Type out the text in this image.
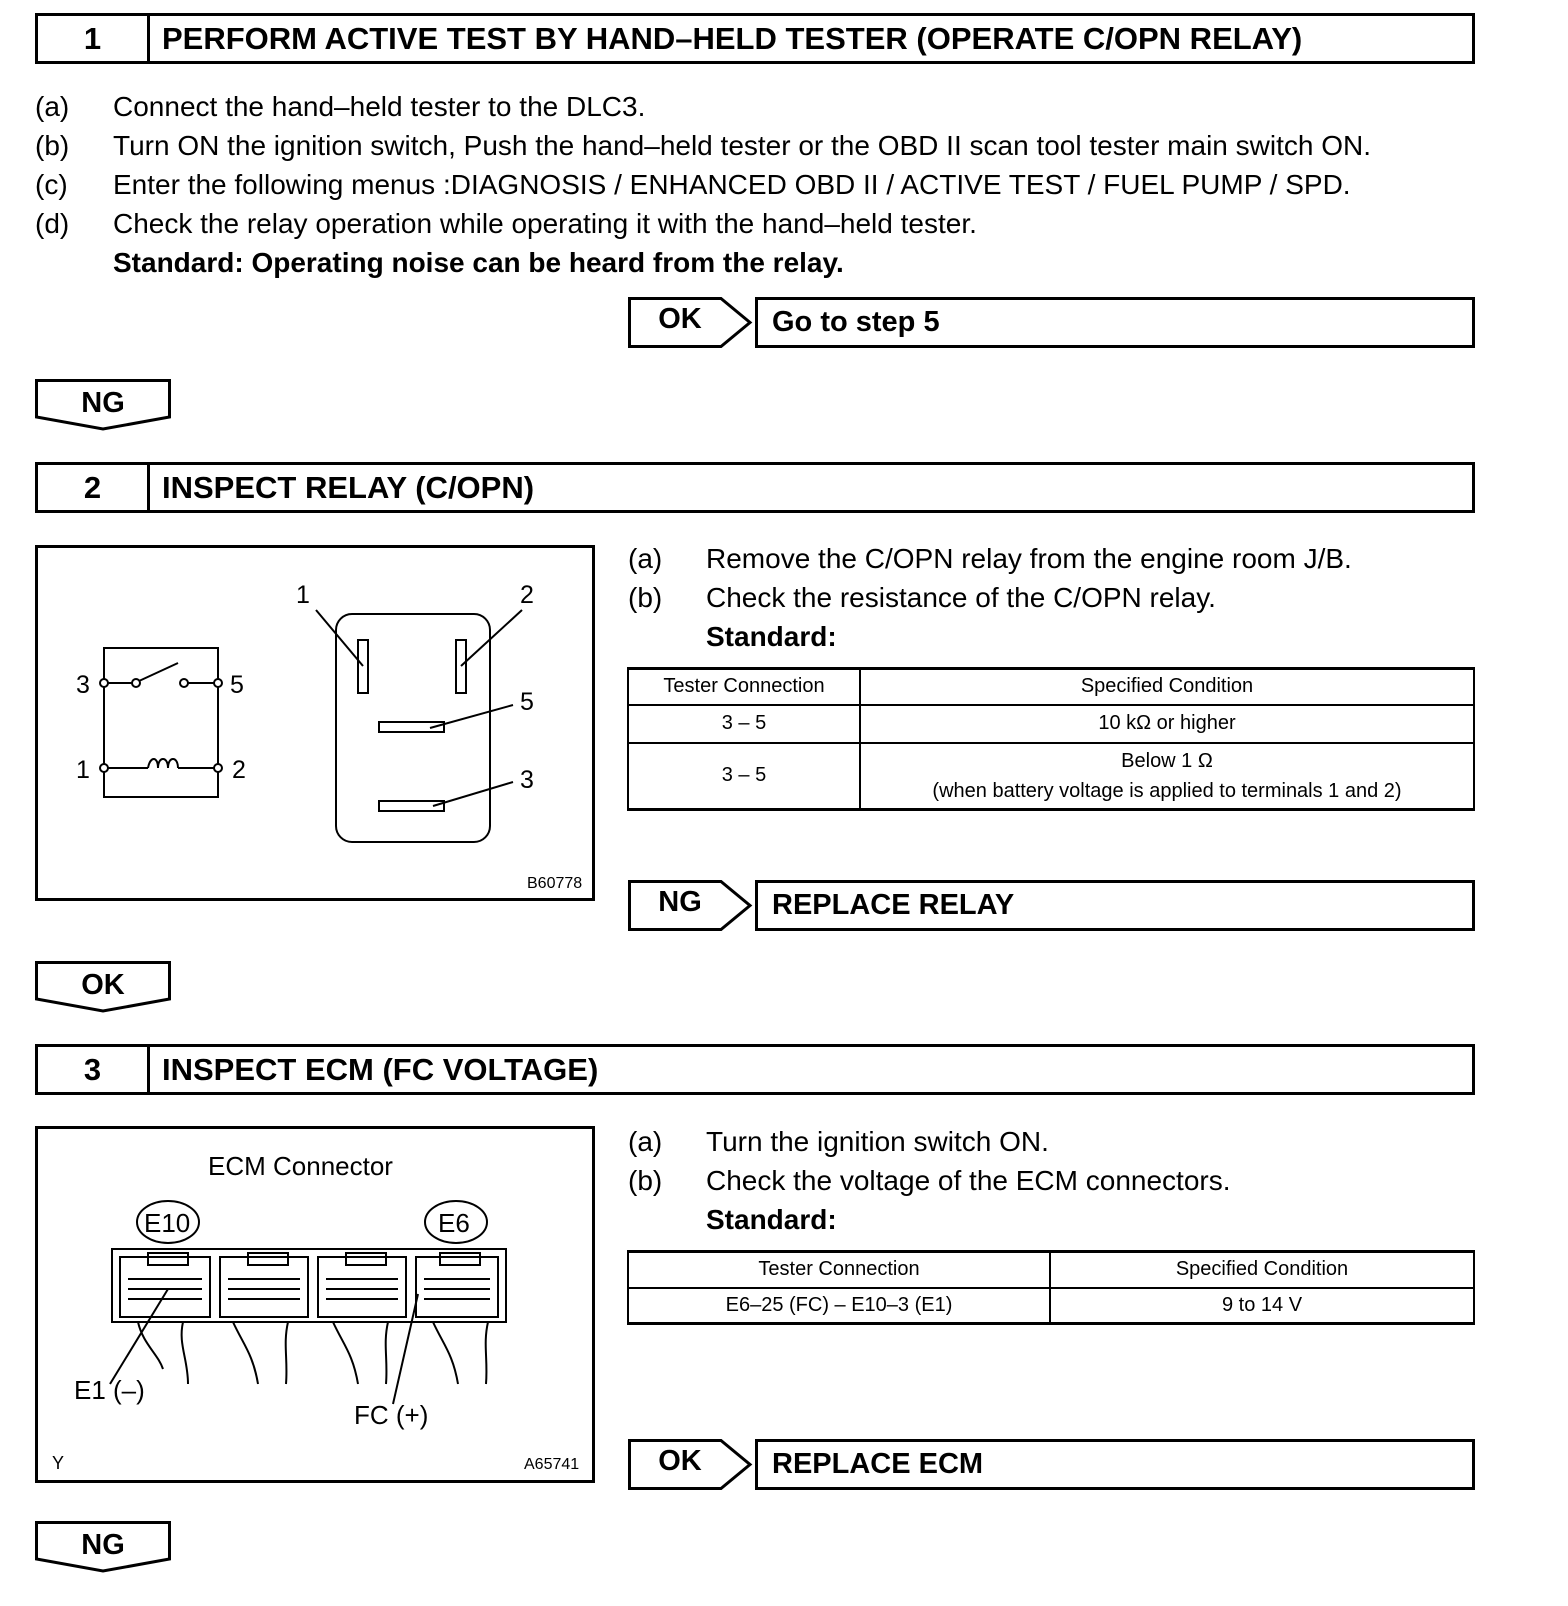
1	PERFORM ACTIVE TEST BY HAND–HELD TESTER (OPERATE C/OPN RELAY)
(a) Connect the hand–held tester to the DLC3.
(b) Turn ON the ignition switch, Push the hand–held tester or the OBD II scan tool tester main switch ON.
(c) Enter the following menus :DIAGNOSIS / ENHANCED OBD II / ACTIVE TEST / FUEL PUMP / SPD.
(d) Check the relay operation while operating it with the hand–held tester.
Standard: Operating noise can be heard from the relay.
OK	Go to step 5
NG
2	INSPECT RELAY (C/OPN)
3	5
1	2
1	2
5
3
B60778
(a) Remove the C/OPN relay from the engine room J/B.
(b) Check the resistance of the C/OPN relay.
Standard:
Tester Connection	Specified Condition
3 – 5	10 kΩ or higher
3 – 5	Below 1 Ω
(when battery voltage is applied to terminals 1 and 2)
NG	REPLACE RELAY
OK
3	INSPECT ECM (FC VOLTAGE)
ECM Connector
E10	E6
E1 (–)
FC (+)
Y	A65741
(a) Turn the ignition switch ON.
(b) Check the voltage of the ECM connectors.
Standard:
Tester Connection	Specified Condition
E6–25 (FC) – E10–3 (E1)	9 to 14 V
OK	REPLACE ECM
NG
